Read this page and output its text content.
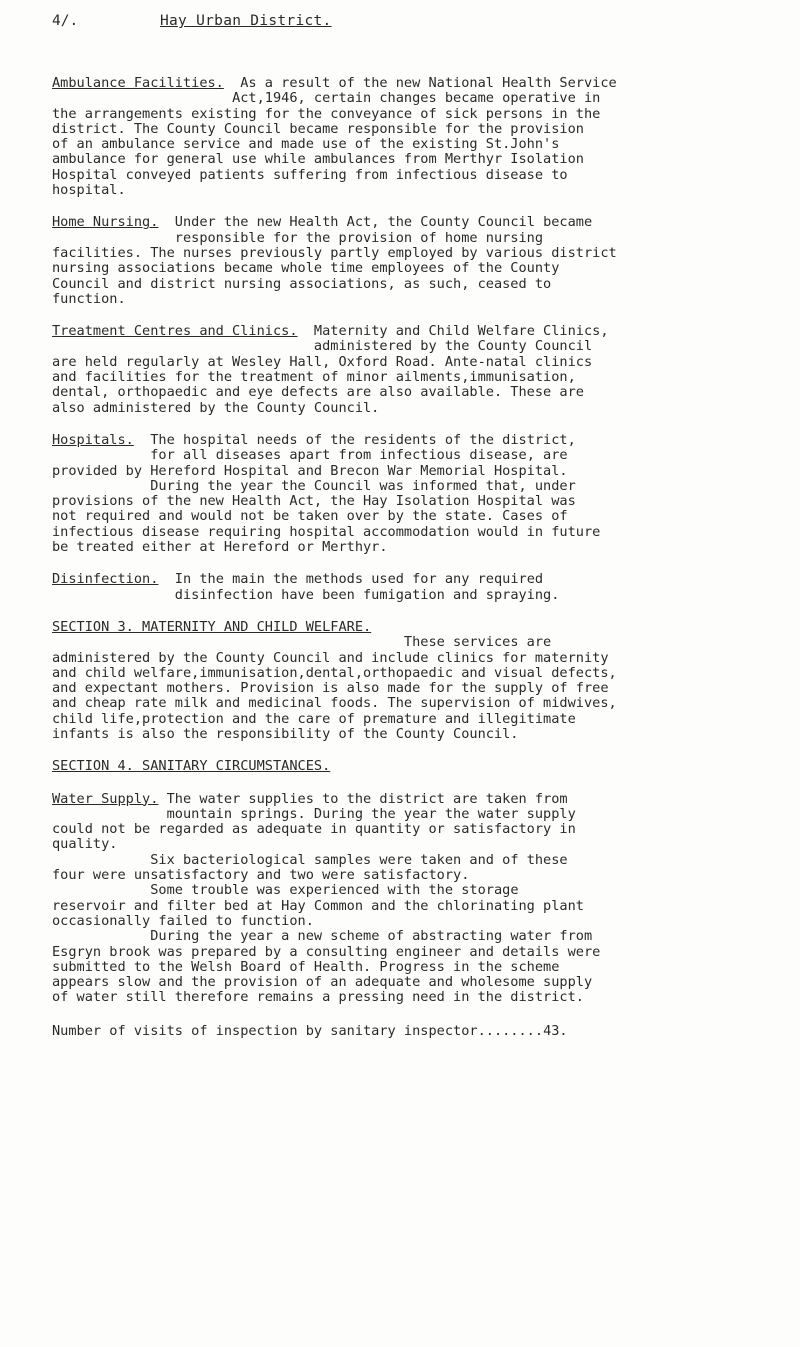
4/.	Hay Urban District.
Ambulance Facilities. As a result of the new National Health Service
Act,1946, certain changes became operative in
the arrangements existing for the conveyance of sick persons in the
district. The County Council became responsible for the provision
of an ambulance service and made use of the existing St.John's
ambulance for general use while ambulances from Merthyr Isolation
Hospital conveyed patients suffering from infectious disease to
hospital.
Home Nursing. Under the new Health Act, the County Council became
responsible for the provision of home nursing
facilities. The nurses previously partly employed by various district
nursing associations became whole time employees of the County
Council and district nursing associations, as such, ceased to
function.
Treatment Centres and Clinics. Maternity and Child Welfare Clinics,
administered by the County Council
are held regularly at Wesley Hall, Oxford Road. Ante-natal clinics
and facilities for the treatment of minor ailments,immunisation,
dental, orthopaedic and eye defects are also available. These are
also administered by the County Council.
Hospitals. The hospital needs of the residents of the district,
for all diseases apart from infectious disease, are
provided by Hereford Hospital and Brecon War Memorial Hospital.
During the year the Council was informed that, under
provisions of the new Health Act, the Hay Isolation Hospital was
not required and would not be taken over by the state. Cases of
infectious disease requiring hospital accommodation would in future
be treated either at Hereford or Merthyr.
Disinfection. In the main the methods used for any required
disinfection have been fumigation and spraying.
SECTION 3. MATERNITY AND CHILD WELFARE.
These services are
administered by the County Council and include clinics for maternity
and child welfare,immunisation,dental,orthopaedic and visual defects,
and expectant mothers. Provision is also made for the supply of free
and cheap rate milk and medicinal foods. The supervision of midwives,
child life,protection and the care of premature and illegitimate
infants is also the responsibility of the County Council.
SECTION 4. SANITARY CIRCUMSTANCES.
Water Supply. The water supplies to the district are taken from
mountain springs. During the year the water supply
could not be regarded as adequate in quantity or satisfactory in
quality.
Six bacteriological samples were taken and of these
four were unsatisfactory and two were satisfactory.
Some trouble was experienced with the storage
reservoir and filter bed at Hay Common and the chlorinating plant
occasionally failed to function.
During the year a new scheme of abstracting water from
Esgryn brook was prepared by a consulting engineer and details were
submitted to the Welsh Board of Health. Progress in the scheme
appears slow and the provision of an adequate and wholesome supply
of water still therefore remains a pressing need in the district.
Number of visits of inspection by sanitary inspector........43.
